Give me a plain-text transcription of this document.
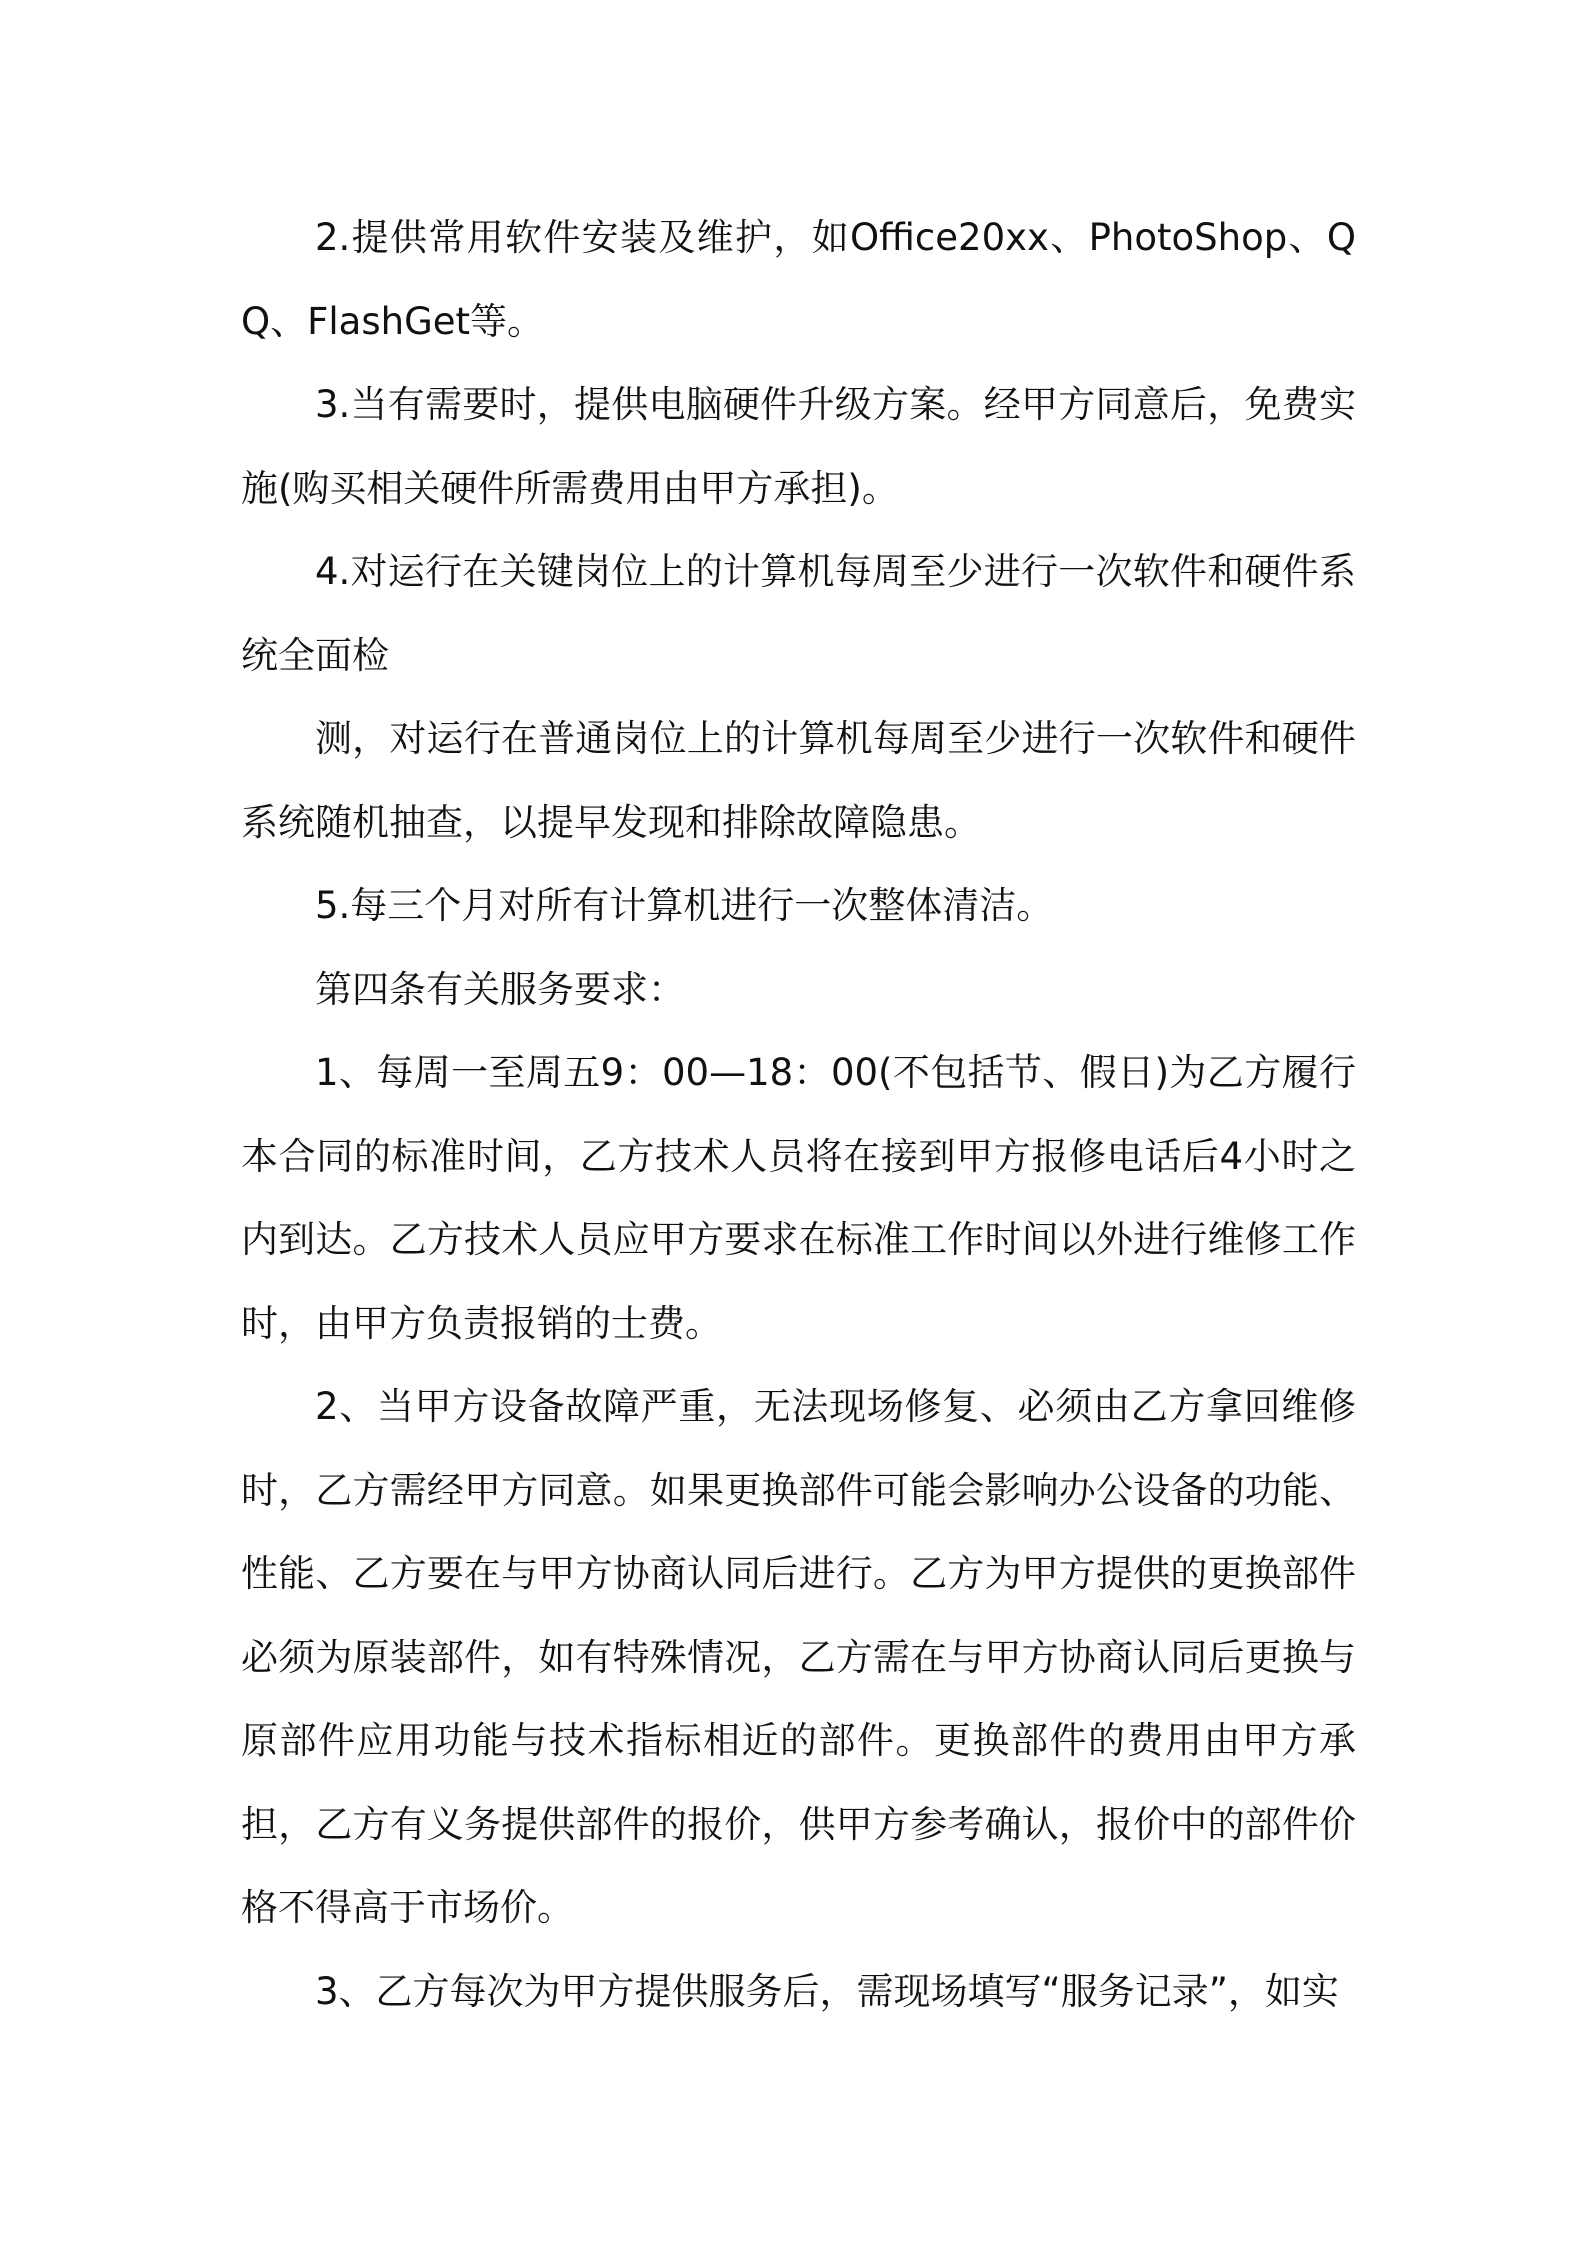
2.提供常用软件安装及维护，如Office20xx、PhotoShop、QQ、FlashGet等。

3.当有需要时，提供电脑硬件升级方案。经甲方同意后，免费实施(购买相关硬件所需费用由甲方承担)。

4.对运行在关键岗位上的计算机每周至少进行一次软件和硬件系统全面检

测，对运行在普通岗位上的计算机每周至少进行一次软件和硬件系统随机抽查，以提早发现和排除故障隐患。

5.每三个月对所有计算机进行一次整体清洁。

第四条有关服务要求：

1、每周一至周五9：00—18：00(不包括节、假日)为乙方履行本合同的标准时间，乙方技术人员将在接到甲方报修电话后4小时之内到达。乙方技术人员应甲方要求在标准工作时间以外进行维修工作时，由甲方负责报销的士费。

2、当甲方设备故障严重，无法现场修复、必须由乙方拿回维修时，乙方需经甲方同意。如果更换部件可能会影响办公设备的功能、性能、乙方要在与甲方协商认同后进行。乙方为甲方提供的更换部件必须为原装部件，如有特殊情况，乙方需在与甲方协商认同后更换与原部件应用功能与技术指标相近的部件。更换部件的费用由甲方承担，乙方有义务提供部件的报价，供甲方参考确认，报价中的部件价格不得高于市场价。

3、乙方每次为甲方提供服务后，需现场填写“服务记录”，如实
